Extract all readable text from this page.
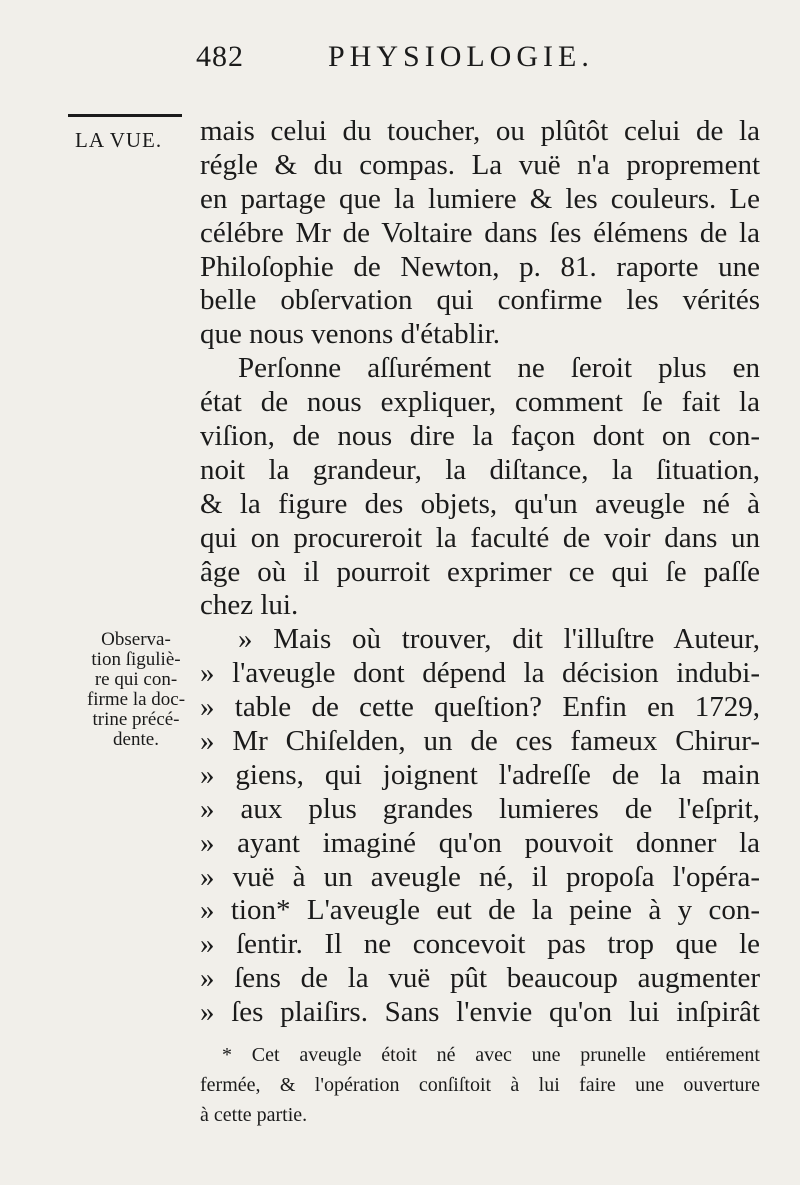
482	PHYSIOLOGIE.
LA VUE.
Observa-
tion ſiguliè-
re qui con-
firme la doc-
trine précé-
dente.
mais celui du toucher, ou plûtôt celui de la
régle & du compas. La vuë n'a proprement
en partage que la lumiere & les couleurs. Le
célébre Mr de Voltaire dans ſes élémens de la
Philoſophie de Newton, p. 81. raporte une
belle obſervation qui confirme les vérités
que nous venons d'établir.
Perſonne aſſurément ne ſeroit plus en
état de nous expliquer, comment ſe fait la
viſion, de nous dire la façon dont on con-
noit la grandeur, la diſtance, la ſituation,
& la figure des objets, qu'un aveugle né à
qui on procureroit la faculté de voir dans un
âge où il pourroit exprimer ce qui ſe paſſe
chez lui.
» Mais où trouver, dit l'illuſtre Auteur,
» l'aveugle dont dépend la décision indubi-
» table de cette queſtion? Enfin en 1729,
» Mr Chiſelden, un de ces fameux Chirur-
» giens, qui joignent l'adreſſe de la main
» aux plus grandes lumieres de l'eſprit,
» ayant imaginé qu'on pouvoit donner la
» vuë à un aveugle né, il propoſa l'opéra-
» tion* L'aveugle eut de la peine à y con-
» ſentir. Il ne concevoit pas trop que le
» ſens de la vuë pût beaucoup augmenter
» ſes plaiſirs. Sans l'envie qu'on lui inſpirât
* Cet aveugle étoit né avec une prunelle entiérement
fermée, & l'opération conſiſtoit à lui faire une ouverture
à cette partie.
